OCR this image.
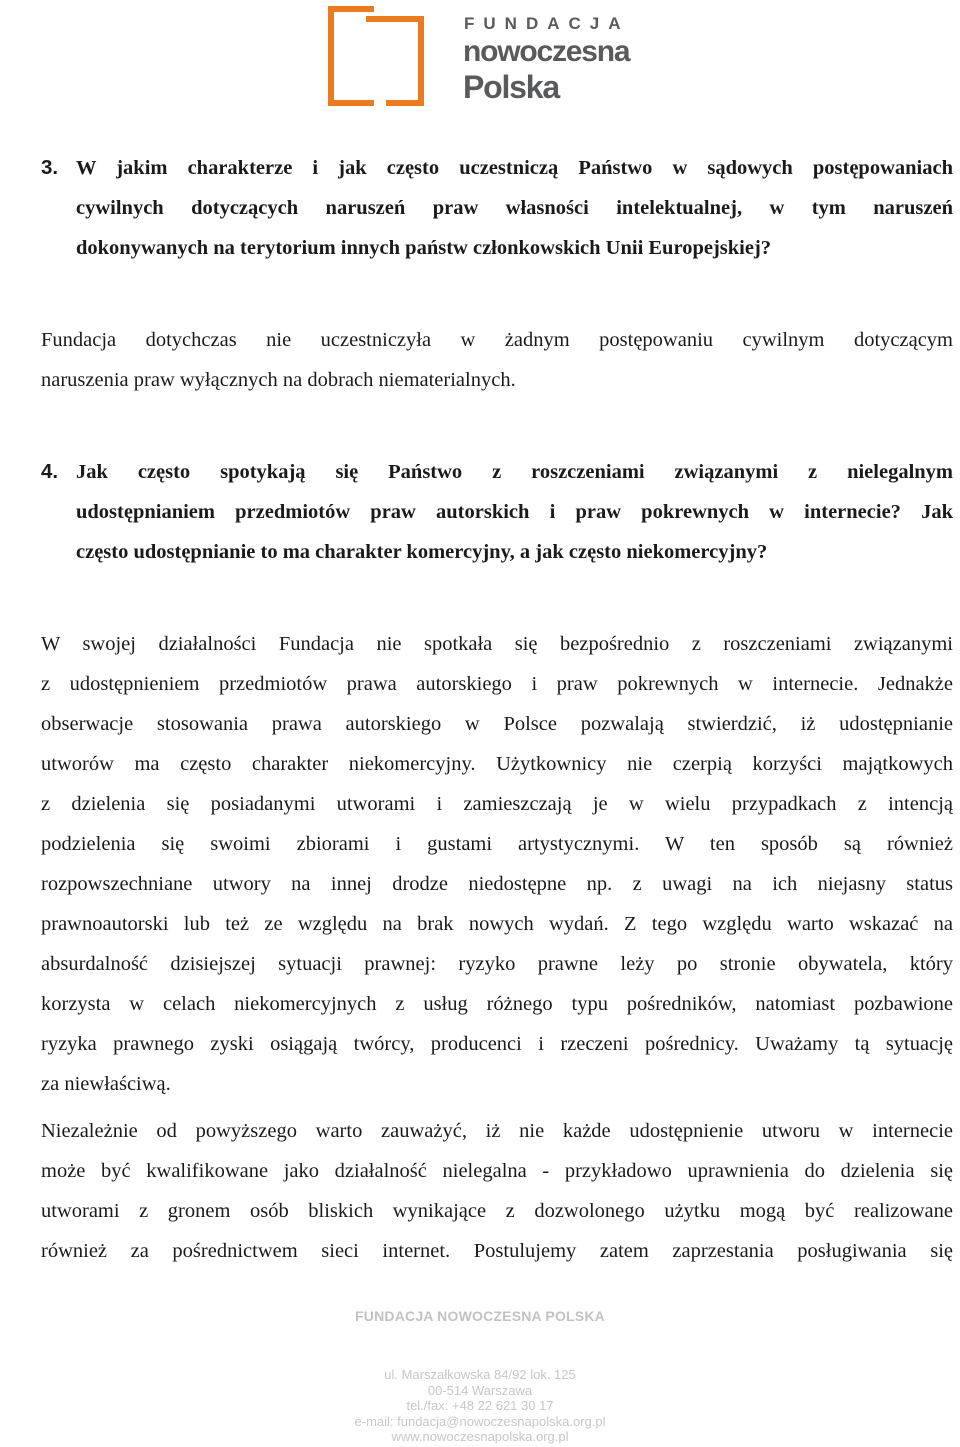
FUNDACJA
nowoczesna
Polska
3. W jakim charakterze i jak często uczestniczą Państwo w sądowych postępowaniach
cywilnych dotyczących naruszeń praw własności intelektualnej, w tym naruszeń
dokonywanych na terytorium innych państw członkowskich Unii Europejskiej?
Fundacja dotychczas nie uczestniczyła w żadnym postępowaniu cywilnym dotyczącym
naruszenia praw wyłącznych na dobrach niematerialnych.
4. Jak często spotykają się Państwo z roszczeniami związanymi z nielegalnym
udostępnianiem przedmiotów praw autorskich i praw pokrewnych w internecie? Jak
często udostępnianie to ma charakter komercyjny, a jak często niekomercyjny?
W swojej działalności Fundacja nie spotkała się bezpośrednio z roszczeniami związanymi
z udostępnieniem przedmiotów prawa autorskiego i praw pokrewnych w internecie. Jednakże
obserwacje stosowania prawa autorskiego w Polsce pozwalają stwierdzić, iż udostępnianie
utworów ma często charakter niekomercyjny. Użytkownicy nie czerpią korzyści majątkowych
z dzielenia się posiadanymi utworami i zamieszczają je w wielu przypadkach z intencją
podzielenia się swoimi zbiorami i gustami artystycznymi. W ten sposób są również
rozpowszechniane utwory na innej drodze niedostępne np. z uwagi na ich niejasny status
prawnoautorski lub też ze względu na brak nowych wydań. Z tego względu warto wskazać na
absurdalność dzisiejszej sytuacji prawnej: ryzyko prawne leży po stronie obywatela, który
korzysta w celach niekomercyjnych z usług różnego typu pośredników, natomiast pozbawione
ryzyka prawnego zyski osiągają twórcy, producenci i rzeczeni pośrednicy. Uważamy tą sytuację
za niewłaściwą.
Niezależnie od powyższego warto zauważyć, iż nie każde udostępnienie utworu w internecie
może być kwalifikowane jako działalność nielegalna - przykładowo uprawnienia do dzielenia się
utworami z gronem osób bliskich wynikające z dozwolonego użytku mogą być realizowane
również za pośrednictwem sieci internet. Postulujemy zatem zaprzestania posługiwania się
FUNDACJA NOWOCZESNA POLSKA
ul. Marszałkowska 84/92 lok. 125
00-514 Warszawa
tel./fax: +48 22 621 30 17
e-mail: fundacja@nowoczesnapolska.org.pl
www.nowoczesnapolska.org.pl
